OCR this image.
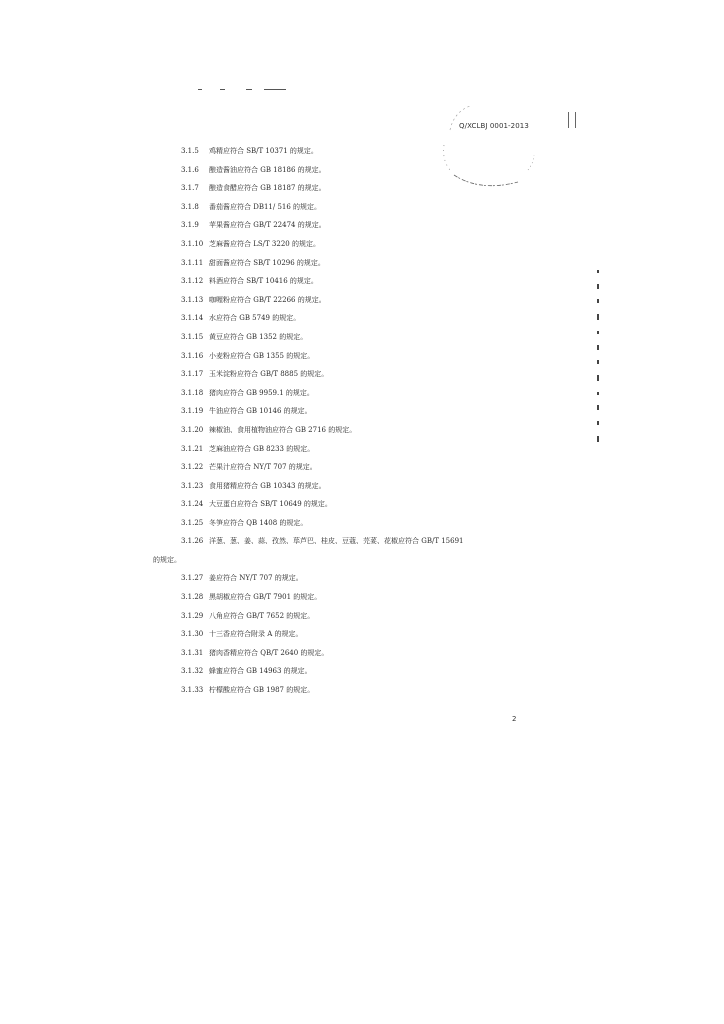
Q/XCLBJ 0001-2013
3.1.5 鸡精应符合 SB/T 10371 的规定。
3.1.6 酿造酱油应符合 GB 18186 的规定。
3.1.7 酿造食醋应符合 GB 18187 的规定。
3.1.8 番茄酱应符合 DB11/ 516 的规定。
3.1.9 苹果酱应符合 GB/T 22474 的规定。
3.1.10 芝麻酱应符合 LS/T 3220 的规定。
3.1.11 甜面酱应符合 SB/T 10296 的规定。
3.1.12 料酒应符合 SB/T 10416 的规定。
3.1.13 咖喱粉应符合 GB/T 22266 的规定。
3.1.14 水应符合 GB 5749 的规定。
3.1.15 黄豆应符合 GB 1352 的规定。
3.1.16 小麦粉应符合 GB 1355 的规定。
3.1.17 玉米淀粉应符合 GB/T 8885 的规定。
3.1.18 猪肉应符合 GB 9959.1 的规定。
3.1.19 牛油应符合 GB 10146 的规定。
3.1.20 辣椒油、食用植物油应符合 GB 2716 的规定。
3.1.21 芝麻油应符合 GB 8233 的规定。
3.1.22 芒果汁应符合 NY/T 707 的规定。
3.1.23 食用猪精应符合 GB 10343 的规定。
3.1.24 大豆蛋白应符合 SB/T 10649 的规定。
3.1.25 冬笋应符合 QB 1408 的规定。
3.1.26 洋葱、葱、姜、蒜、孜然、荜芦巴、桂皮、豆蔻、芫荽、花椒应符合 GB/T 15691
的规定。
3.1.27 姜应符合 NY/T 707 的规定。
3.1.28 黑胡椒应符合 GB/T 7901 的规定。
3.1.29 八角应符合 GB/T 7652 的规定。
3.1.30 十三香应符合附录 A 的规定。
3.1.31 猪肉香精应符合 QB/T 2640 的规定。
3.1.32 蜂蜜应符合 GB 14963 的规定。
3.1.33 柠檬酸应符合 GB 1987 的规定。
2
